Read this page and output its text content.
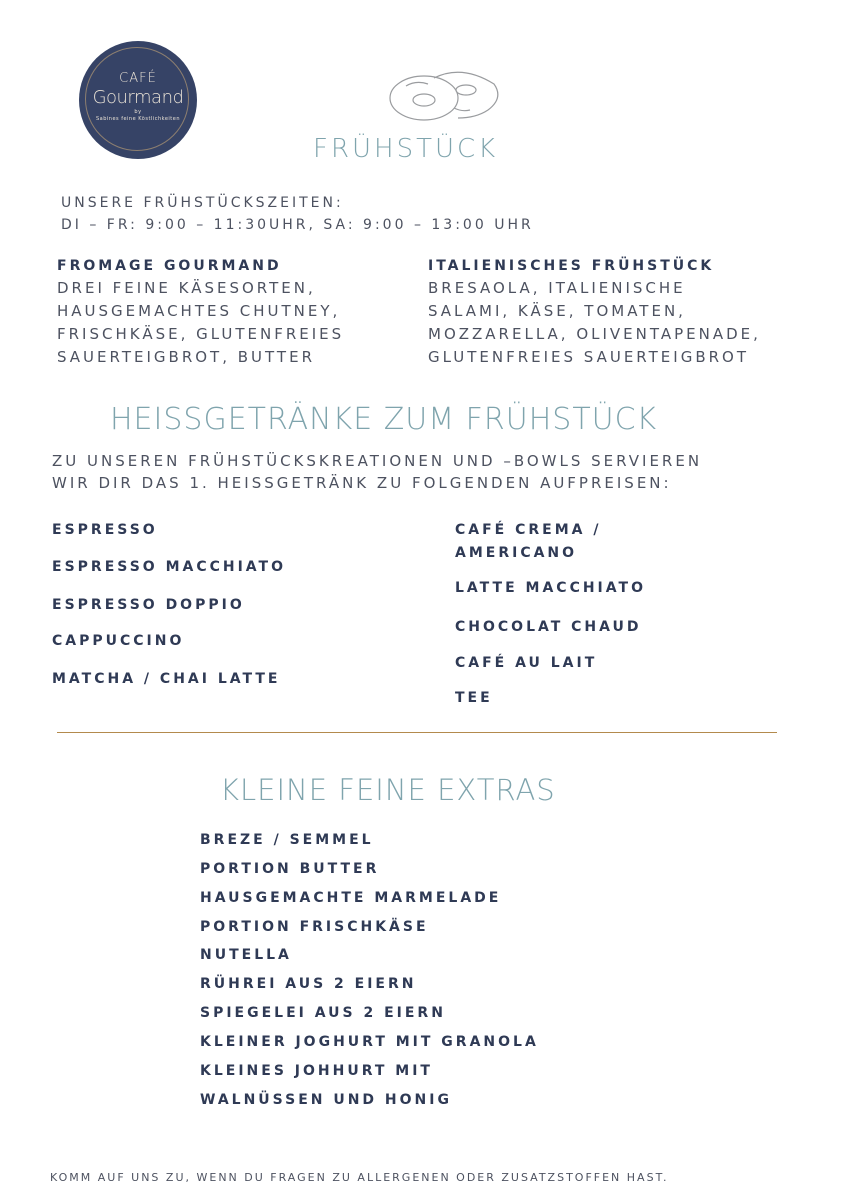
CAFÉ
Gourmand
by
Sabines feine Köstlichkeiten
FRÜHSTÜCK
UNSERE FRÜHSTÜCKSZEITEN:
DI – FR: 9:00 – 11:30UHR, SA: 9:00 – 13:00 UHR
FROMAGE GOURMAND
DREI FEINE KÄSESORTEN,
HAUSGEMACHTES CHUTNEY,
FRISCHKÄSE, GLUTENFREIES
SAUERTEIGBROT, BUTTER
ITALIENISCHES FRÜHSTÜCK
BRESAOLA, ITALIENISCHE
SALAMI, KÄSE, TOMATEN,
MOZZARELLA, OLIVENTAPENADE,
GLUTENFREIES SAUERTEIGBROT
HEISSGETRÄNKE ZUM FRÜHSTÜCK
ZU UNSEREN FRÜHSTÜCKSKREATIONEN UND –BOWLS SERVIEREN
WIR DIR DAS 1. HEISSGETRÄNK ZU FOLGENDEN AUFPREISEN:
ESPRESSO
ESPRESSO MACCHIATO
ESPRESSO DOPPIO
CAPPUCCINO
MATCHA / CHAI LATTE
CAFÉ CREMA /
AMERICANO
LATTE MACCHIATO
CHOCOLAT CHAUD
CAFÉ AU LAIT
TEE
KLEINE FEINE EXTRAS
BREZE / SEMMEL
PORTION BUTTER
HAUSGEMACHTE MARMELADE
PORTION FRISCHKÄSE
NUTELLA
RÜHREI AUS 2 EIERN
SPIEGELEI AUS 2 EIERN
KLEINER JOGHURT MIT GRANOLA
KLEINES JOHHURT MIT
WALNÜSSEN UND HONIG
KOMM AUF UNS ZU, WENN DU FRAGEN ZU ALLERGENEN ODER ZUSATZSTOFFEN HAST.
